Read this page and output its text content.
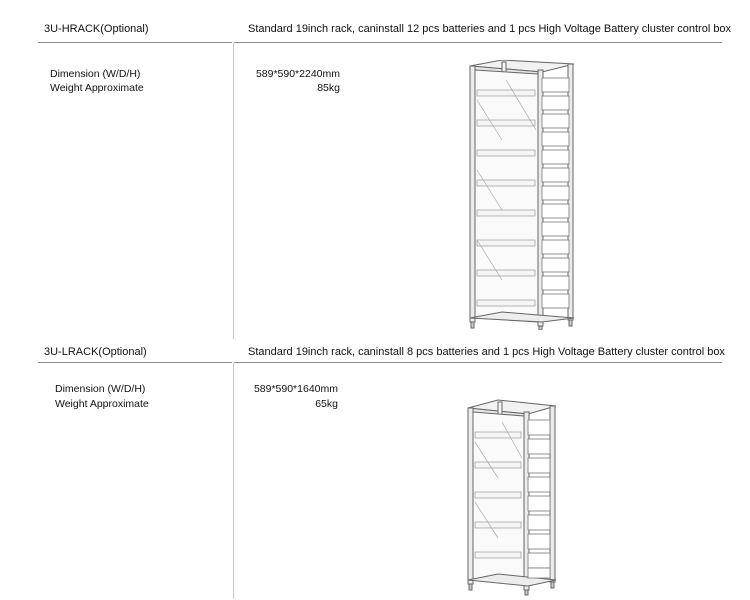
3U-HRACK(Optional)	Standard 19inch rack, caninstall 12 pcs batteries and 1 pcs High Voltage Battery cluster control box
Dimension (W/D/H)
Weight Approximate
589*590*2240mm
85kg
3U-LRACK(Optional)	Standard 19inch rack, caninstall 8 pcs batteries and 1 pcs High Voltage Battery cluster control box
Dimension (W/D/H)
Weight Approximate
589*590*1640mm
65kg
